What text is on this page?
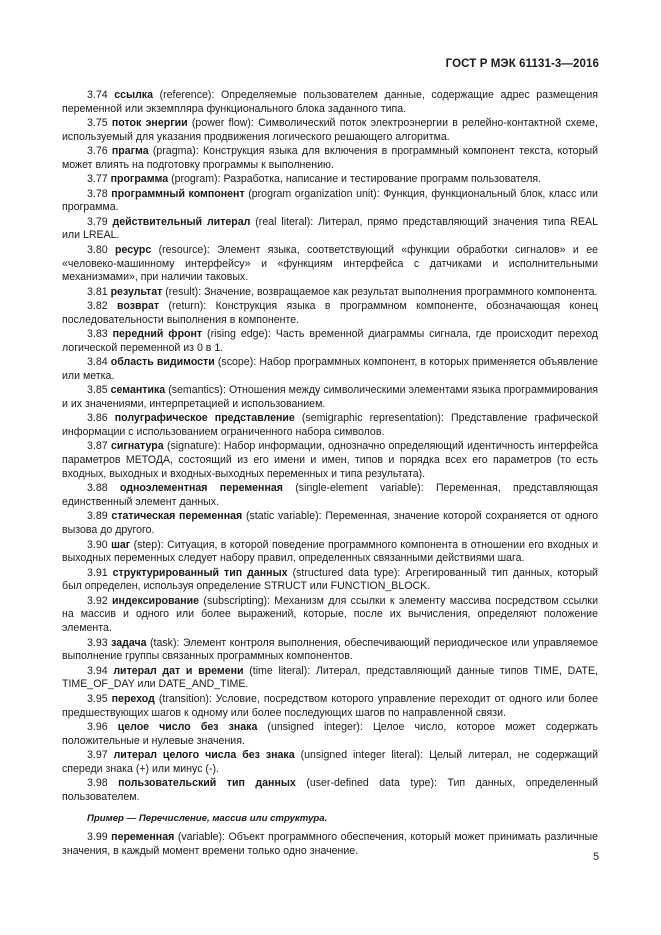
ГОСТ Р МЭК 61131-3—2016

3.74 ссылка (reference): Определяемые пользователем данные, содержащие адрес размещения переменной или экземпляра функционального блока заданного типа.

3.75 поток энергии (power flow): Символический поток электроэнергии в релейно-контактной схеме, используемый для указания продвижения логического решающего алгоритма.

3.76 прагма (pragma): Конструкция языка для включения в программный компонент текста, который может влиять на подготовку программы к выполнению.

3.77 программа (program): Разработка, написание и тестирование программ пользователя.

3.78 программный компонент (program organization unit): Функция, функциональный блок, класс или программа.

3.79 действительный литерал (real literal): Литерал, прямо представляющий значения типа REAL или LREAL.

3.80 ресурс (resource): Элемент языка, соответствующий «функции обработки сигналов» и ее «человеко-машинному интерфейсу» и «функциям интерфейса с датчиками и исполнительными механизмами», при наличии таковых.

3.81 результат (result): Значение, возвращаемое как результат выполнения программного компонента.

3.82 возврат (return): Конструкция языка в программном компоненте, обозначающая конец последовательности выполнения в компоненте.

3.83 передний фронт (rising edge): Часть временной диаграммы сигнала, где происходит переход логической переменной из 0 в 1.

3.84 область видимости (scope): Набор программных компонент, в которых применяется объявление или метка.

3.85 семантика (semantics): Отношения между символическими элементами языка программирования и их значениями, интерпретацией и использованием.

3.86 полуграфическое представление (semigraphic representation): Представление графической информации с использованием ограниченного набора символов.

3.87 сигнатура (signature): Набор информации, однозначно определяющий идентичность интерфейса параметров МЕТОДА, состоящий из его имени и имен, типов и порядка всех его параметров (то есть входных, выходных и входных-выходных переменных и типа результата).

3.88 одноэлементная переменная (single-element variable): Переменная, представляющая единственный элемент данных.

3.89 статическая переменная (static variable): Переменная, значение которой сохраняется от одного вызова до другого.

3.90 шаг (step): Ситуация, в которой поведение программного компонента в отношении его входных и выходных переменных следует набору правил, определенных связанными действиями шага.

3.91 структурированный тип данных (structured data type): Агрегированный тип данных, который был определен, используя определение STRUCT или FUNCTION_BLOCK.

3.92 индексирование (subscripting): Механизм для ссылки к элементу массива посредством ссылки на массив и одного или более выражений, которые, после их вычисления, определяют положение элемента.

3.93 задача (task): Элемент контроля выполнения, обеспечивающий периодическое или управляемое выполнение группы связанных программных компонентов.

3.94 литерал дат и времени (time literal): Литерал, представляющий данные типов TIME, DATE, TIME_OF_DAY или DATE_AND_TIME.

3.95 переход (transition): Условие, посредством которого управление переходит от одного или более предшествующих шагов к одному или более последующих шагов по направленной связи.

3.96 целое число без знака (unsigned integer): Целое число, которое может содержать положительные и нулевые значения.

3.97 литерал целого числа без знака (unsigned integer literal): Целый литерал, не содержащий спереди знака (+) или минус (-).

3.98 пользовательский тип данных (user-defined data type): Тип данных, определенный пользователем.

Пример — Перечисление, массив или структура.

3.99 переменная (variable): Объект программного обеспечения, который может принимать различные значения, в каждый момент времени только одно значение.	5
